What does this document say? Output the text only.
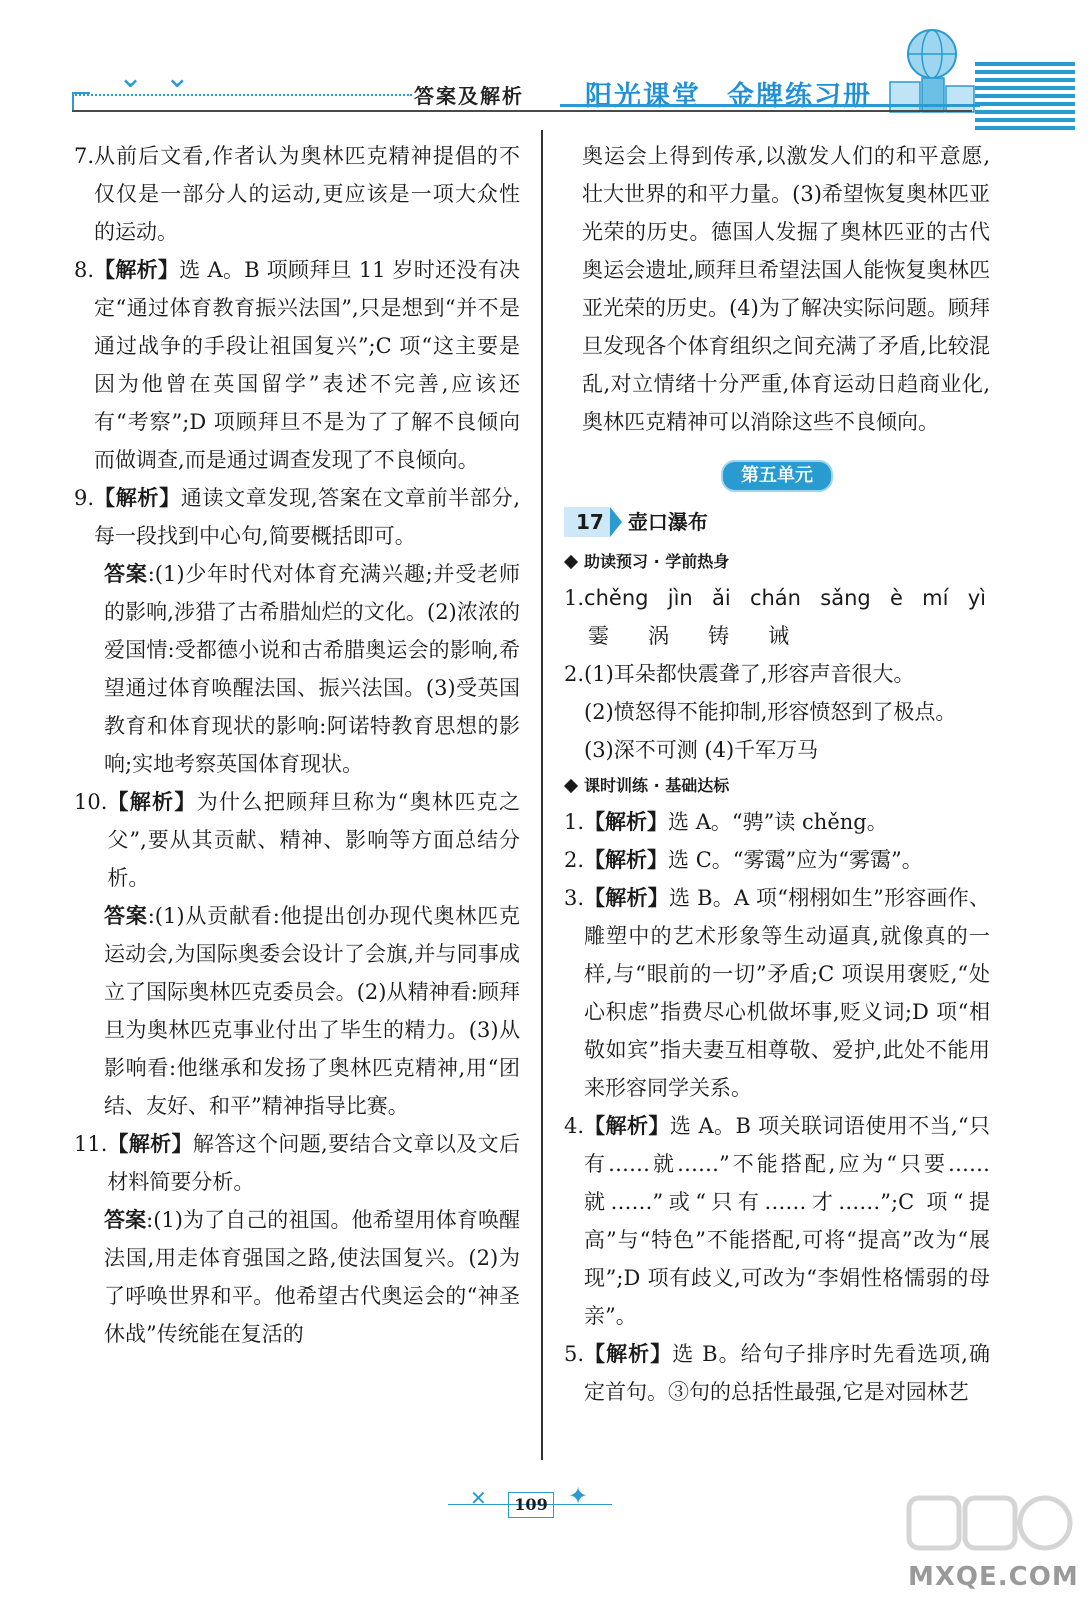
⌄ ⌄
答案及解析 阳光课堂 金牌练习册
7. 从前后文看,作者认为奥林匹克精神提倡的不仅仅是一部分人的运动,更应该是一项大众性的运动。
8. 【解析】选 A。B 项顾拜旦 11 岁时还没有决定“通过体育教育振兴法国”,只是想到“并不是通过战争的手段让祖国复兴”;C 项“这主要是因为他曾在英国留学”表述不完善,应该还有“考察”;D 项顾拜旦不是为了了解不良倾向而做调查,而是通过调查发现了不良倾向。
9. 【解析】通读文章发现,答案在文章前半部分,每一段找到中心句,简要概括即可。
答案:(1)少年时代对体育充满兴趣;并受老师的影响,涉猎了古希腊灿烂的文化。(2)浓浓的爱国情:受都德小说和古希腊奥运会的影响,希望通过体育唤醒法国、振兴法国。(3)受英国教育和体育现状的影响:阿诺特教育思想的影响;实地考察英国体育现状。
10. 【解析】为什么把顾拜旦称为“奥林匹克之父”,要从其贡献、精神、影响等方面总结分析。
答案:(1)从贡献看:他提出创办现代奥林匹克运动会,为国际奥委会设计了会旗,并与同事成立了国际奥林匹克委员会。(2)从精神看:顾拜旦为奥林匹克事业付出了毕生的精力。(3)从影响看:他继承和发扬了奥林匹克精神,用“团结、友好、和平”精神指导比赛。
11. 【解析】解答这个问题,要结合文章以及文后材料简要分析。
答案:(1)为了自己的祖国。他希望用体育唤醒法国,用走体育强国之路,使法国复兴。(2)为了呼唤世界和平。他希望古代奥运会的“神圣休战”传统能在复活的
奥运会上得到传承,以激发人们的和平意愿,壮大世界的和平力量。(3)希望恢复奥林匹亚光荣的历史。德国人发掘了奥林匹亚的古代奥运会遗址,顾拜旦希望法国人能恢复奥林匹亚光荣的历史。(4)为了解决实际问题。顾拜旦发现各个体育组织之间充满了矛盾,比较混乱,对立情绪十分严重,体育运动日趋商业化,奥林匹克精神可以消除这些不良倾向。
第五单元
17	壶口瀑布
助读预习 · 学前热身
1. chěng jìn ǎi chán sǎng è mí yì
霎	涡	铸	诫
2. (1)耳朵都快震聋了,形容声音很大。
(2)愤怒得不能抑制,形容愤怒到了极点。
(3)深不可测 (4)千军万马
课时训练 · 基础达标
1. 【解析】选 A。“骋”读 chěng。
2. 【解析】选 C。“雾霭”应为“雾霭”。
3. 【解析】选 B。A 项“栩栩如生”形容画作、雕塑中的艺术形象等生动逼真,就像真的一样,与“眼前的一切”矛盾;C 项误用褒贬,“处心积虑”指费尽心机做坏事,贬义词;D 项“相敬如宾”指夫妻互相尊敬、爱护,此处不能用来形容同学关系。
4. 【解析】选 A。B 项关联词语使用不当,“只有……就……”不能搭配,应为“只要……就……”或“只有……才……”;C 项“提高”与“特色”不能搭配,可将“提高”改为“展现”;D 项有歧义,可改为“李娟性格懦弱的母亲”。
5. 【解析】选 B。给句子排序时先看选项,确定首句。③句的总括性最强,它是对园林艺
✕	109 ✦
MXQE.COM
